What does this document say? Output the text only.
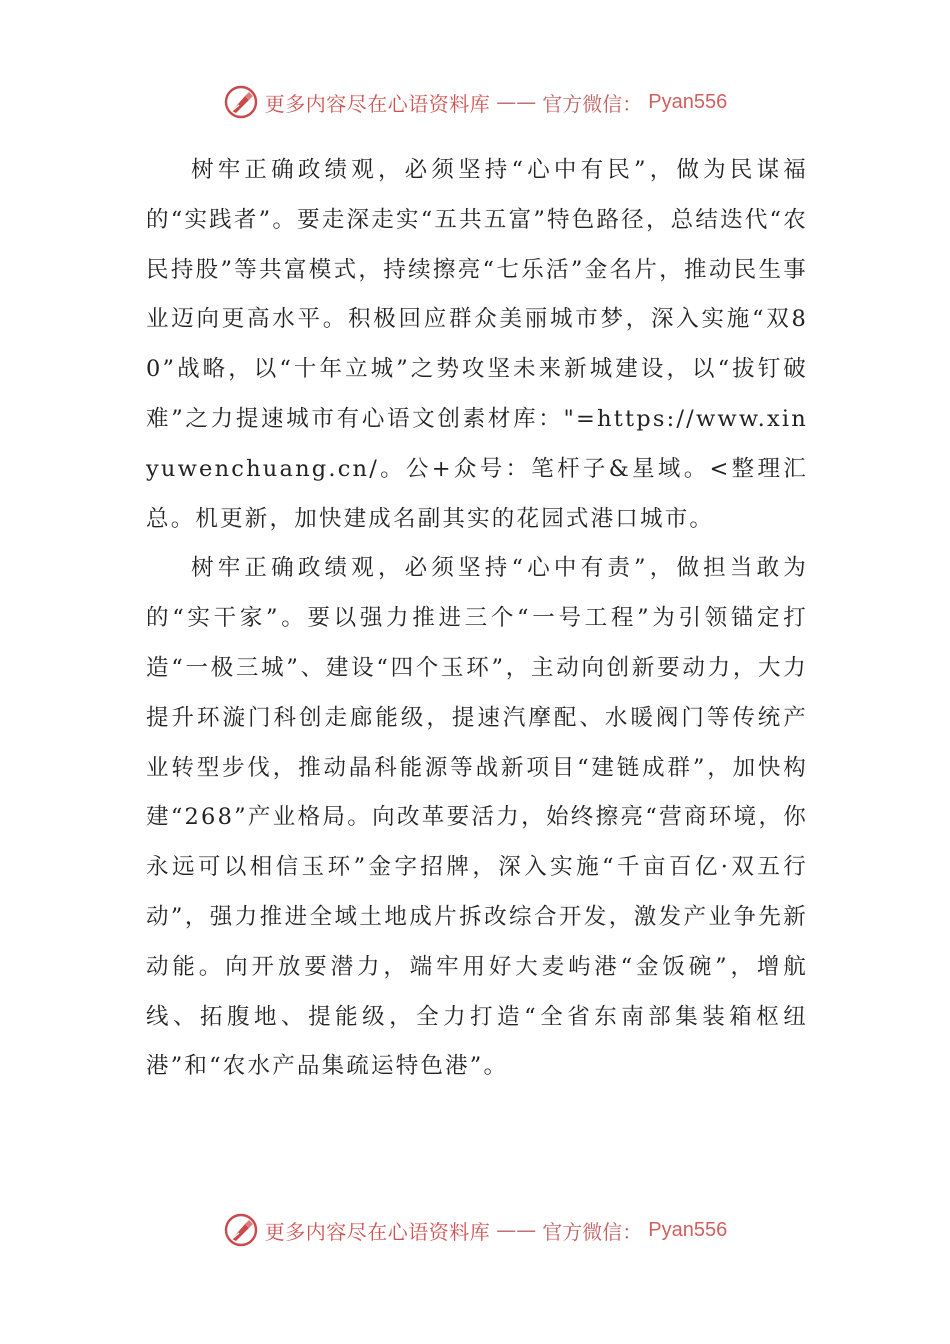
更多内容尽在心语资料库 —— 官方微信： Pyan556

树牢正确政绩观，必须坚持“心中有民”，做为民谋福的“实践者”。要走深走实“五共五富”特色路径，总结迭代“农民持股”等共富模式，持续擦亮“七乐活”金名片，推动民生事业迈向更高水平。积极回应群众美丽城市梦，深入实施“双80”战略，以“十年立城”之势攻坚未来新城建设，以“拔钉破难”之力提速城市有心语文创素材库："=https://www.xinyuwenchuang.cn/。公+众号：笔杆子&星域。<整理汇总。机更新，加快建成名副其实的花园式港口城市。

树牢正确政绩观，必须坚持“心中有责”，做担当敢为的“实干家”。要以强力推进三个“一号工程”为引领锚定打造“一极三城”、建设“四个玉环”，主动向创新要动力，大力提升环漩门科创走廊能级，提速汽摩配、水暖阀门等传统产业转型步伐，推动晶科能源等战新项目“建链成群”，加快构建“268”产业格局。向改革要活力，始终擦亮“营商环境，你永远可以相信玉环”金字招牌，深入实施“千亩百亿·双五行动”，强力推进全域土地成片拆改综合开发，激发产业争先新动能。向开放要潜力，端牢用好大麦屿港“金饭碗”，增航线、拓腹地、提能级，全力打造“全省东南部集装箱枢纽港”和“农水产品集疏运特色港”。

更多内容尽在心语资料库 —— 官方微信： Pyan556
